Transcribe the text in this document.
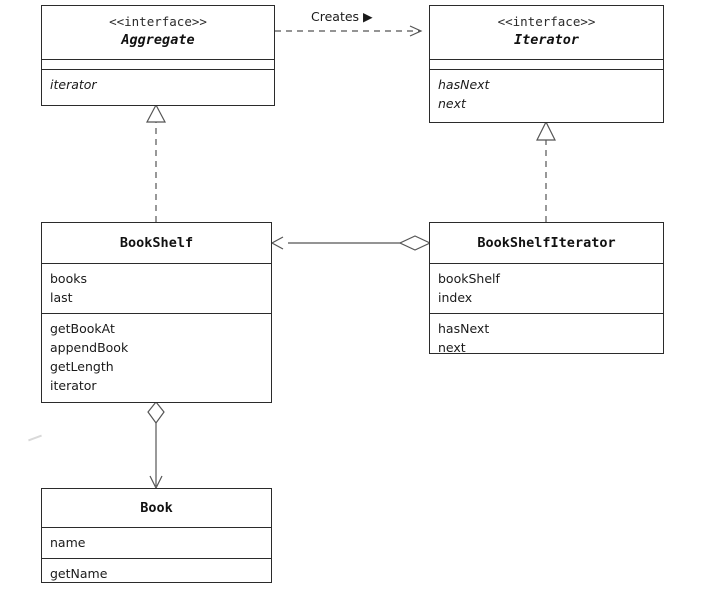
<<interface>>
Aggregate
iterator
<<interface>>
Iterator
hasNext
next
BookShelf
books
last
getBookAt
appendBook
getLength
iterator
BookShelfIterator
bookShelf
index
hasNext
next
Book
name
getName
Creates ▶
